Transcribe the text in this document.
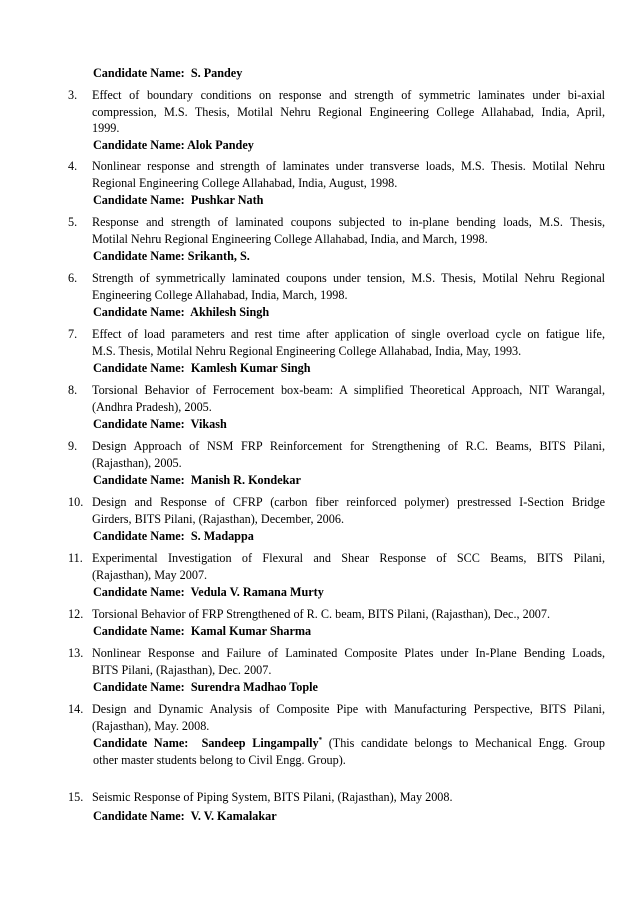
Candidate Name: S. Pandey
3. Effect of boundary conditions on response and strength of symmetric laminates under bi-axial
compression, M.S. Thesis, Motilal Nehru Regional Engineering College Allahabad, India, April,
1999.
Candidate Name: Alok Pandey
4. Nonlinear response and strength of laminates under transverse loads, M.S. Thesis. Motilal Nehru
Regional Engineering College Allahabad, India, August, 1998.
Candidate Name: Pushkar Nath
5. Response and strength of laminated coupons subjected to in-plane bending loads, M.S. Thesis,
Motilal Nehru Regional Engineering College Allahabad, India, and March, 1998.
Candidate Name: Srikanth, S.
6. Strength of symmetrically laminated coupons under tension, M.S. Thesis, Motilal Nehru Regional
Engineering College Allahabad, India, March, 1998.
Candidate Name: Akhilesh Singh
7. Effect of load parameters and rest time after application of single overload cycle on fatigue life,
M.S. Thesis, Motilal Nehru Regional Engineering College Allahabad, India, May, 1993.
Candidate Name: Kamlesh Kumar Singh
8. Torsional Behavior of Ferrocement box-beam: A simplified Theoretical Approach, NIT Warangal,
(Andhra Pradesh), 2005.
Candidate Name: Vikash
9. Design Approach of NSM FRP Reinforcement for Strengthening of R.C. Beams, BITS Pilani,
(Rajasthan), 2005.
Candidate Name: Manish R. Kondekar
10. Design and Response of CFRP (carbon fiber reinforced polymer) prestressed I-Section Bridge
Girders, BITS Pilani, (Rajasthan), December, 2006.
Candidate Name: S. Madappa
11. Experimental Investigation of Flexural and Shear Response of SCC Beams, BITS Pilani,
(Rajasthan), May 2007.
Candidate Name: Vedula V. Ramana Murty
12. Torsional Behavior of FRP Strengthened of R. C. beam, BITS Pilani, (Rajasthan), Dec., 2007.
Candidate Name: Kamal Kumar Sharma
13. Nonlinear Response and Failure of Laminated Composite Plates under In-Plane Bending Loads,
BITS Pilani, (Rajasthan), Dec. 2007.
Candidate Name: Surendra Madhao Tople
14. Design and Dynamic Analysis of Composite Pipe with Manufacturing Perspective, BITS Pilani,
(Rajasthan), May. 2008.
Candidate Name: Sandeep Lingampally* (This candidate belongs to Mechanical Engg. Group
other master students belong to Civil Engg. Group).
15. Seismic Response of Piping System, BITS Pilani, (Rajasthan), May 2008.
Candidate Name: V. V. Kamalakar
